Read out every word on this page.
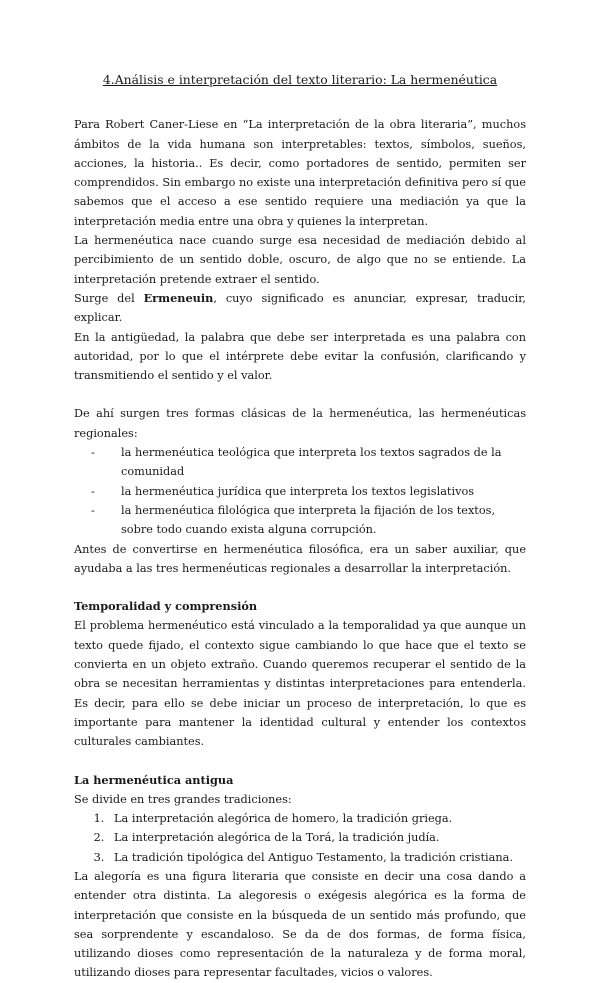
4.Análisis e interpretación del texto literario: La hermenéutica

Para Robert Caner-Liese en “La interpretación de la obra literaria”, muchos ámbitos de la vida humana son interpretables: textos, símbolos, sueños, acciones, la historia.. Es decir, como portadores de sentido, permiten ser comprendidos. Sin embargo no existe una interpretación definitiva pero sí que sabemos que el acceso a ese sentido requiere una mediación ya que la interpretación media entre una obra y quienes la interpretan.

La hermenéutica nace cuando surge esa necesidad de mediación debido al percibimiento de un sentido doble, oscuro, de algo que no se entiende. La interpretación pretende extraer el sentido.

Surge del Ermeneuin, cuyo significado es anunciar, expresar, traducir, explicar.

En la antigüedad, la palabra que debe ser interpretada es una palabra con autoridad, por lo que el intérprete debe evitar la confusión, clarificando y transmitiendo el sentido y el valor.

De ahí surgen tres formas clásicas de la hermenéutica, las hermenéuticas regionales:

- la hermenéutica teológica que interpreta los textos sagrados de la comunidad
- la hermenéutica jurídica que interpreta los textos legislativos
- la hermenéutica filológica que interpreta la fijación de los textos, sobre todo cuando exista alguna corrupción.

Antes de convertirse en hermenéutica filosófica, era un saber auxiliar, que ayudaba a las tres hermenéuticas regionales a desarrollar la interpretación.

Temporalidad y comprensión

El problema hermenéutico está vinculado a la temporalidad ya que aunque un texto quede fijado, el contexto sigue cambiando lo que hace que el texto se convierta en un objeto extraño. Cuando queremos recuperar el sentido de la obra se necesitan herramientas y distintas interpretaciones para entenderla. Es decir, para ello se debe iniciar un proceso de interpretación, lo que es importante para mantener la identidad cultural y entender los contextos culturales cambiantes.

La hermenéutica antigua

Se divide en tres grandes tradiciones:

1. La interpretación alegórica de homero, la tradición griega.
2. La interpretación alegórica de la Torá, la tradición judía.
3. La tradición tipológica del Antiguo Testamento, la tradición cristiana.

La alegoría es una figura literaria que consiste en decir una cosa dando a entender otra distinta. La alegoresis o exégesis alegórica es la forma de interpretación que consiste en la búsqueda de un sentido más profundo, que sea sorprendente y escandaloso. Se da de dos formas, de forma física, utilizando dioses como representación de la naturaleza y de forma moral, utilizando dioses para representar facultades, vicios o valores.
